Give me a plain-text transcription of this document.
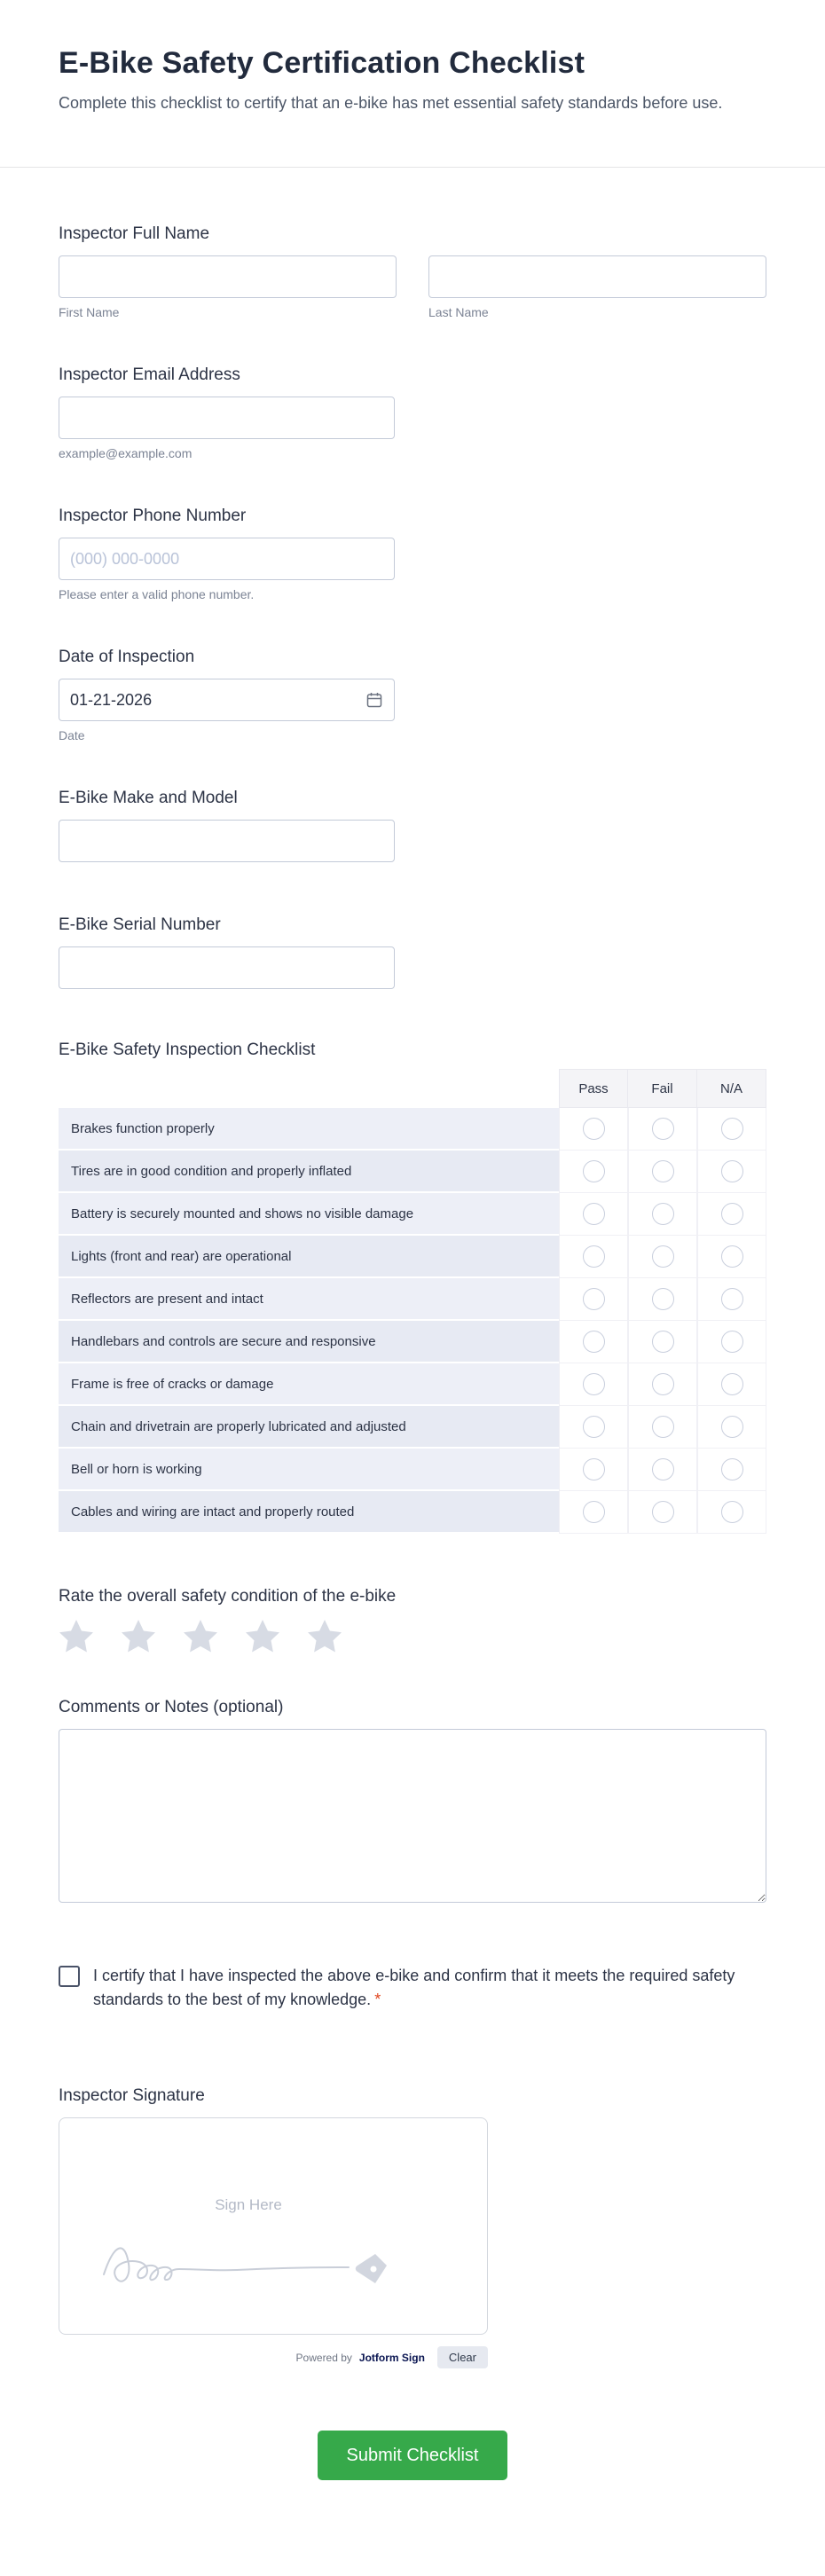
E-Bike Safety Certification Checklist
Complete this checklist to certify that an e-bike has met essential safety standards before use.
Inspector Full Name
First Name	Last Name
Inspector Email Address
example@example.com
Inspector Phone Number
(000) 000-0000
Please enter a valid phone number.
Date of Inspection
01-21-2026
Date
E-Bike Make and Model
E-Bike Serial Number
E-Bike Safety Inspection Checklist
	Pass	Fail	N/A
Brakes function properly			
Tires are in good condition and properly inflated			
Battery is securely mounted and shows no visible damage			
Lights (front and rear) are operational			
Reflectors are present and intact			
Handlebars and controls are secure and responsive			
Frame is free of cracks or damage			
Chain and drivetrain are properly lubricated and adjusted			
Bell or horn is working			
Cables and wiring are intact and properly routed			
Rate the overall safety condition of the e-bike
Comments or Notes (optional)
I certify that I have inspected the above e-bike and confirm that it meets the required safety standards to the best of my knowledge. *
Inspector Signature
Sign Here
Powered by Jotform Sign	Clear
Submit Checklist
